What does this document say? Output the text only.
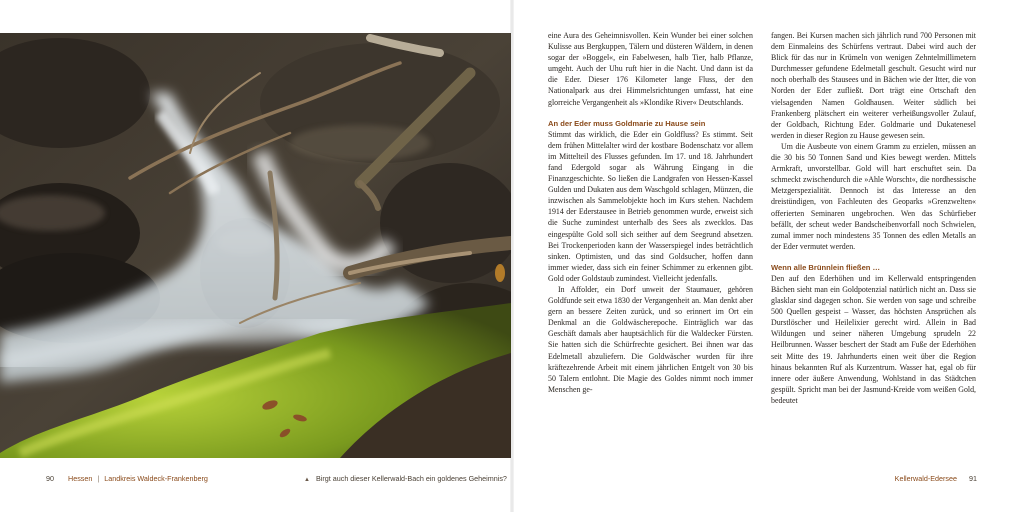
eine Aura des Geheimnisvollen. Kein Wunder bei einer solchen Kulisse aus Bergkuppen, Tälern und düsteren Wäldern, in denen sogar der »Boggel«, ein Fabelwesen, halb Tier, halb Pflanze, umgeht. Auch der Uhu ruft hier in die Nacht. Und dann ist da die Eder. Dieser 176 Kilometer lange Fluss, der den Nationalpark aus drei Himmelsrichtungen umfasst, hat eine glorreiche Vergangenheit als »Klondike River« Deutschlands.

An der Eder muss Goldmarie zu Hause sein

Stimmt das wirklich, die Eder ein Goldfluss? Es stimmt. Seit dem frühen Mittelalter wird der kostbare Bodenschatz vor allem im Mittelteil des Flusses gefunden. Im 17. und 18. Jahrhundert fand Edergold sogar als Währung Eingang in die Finanzgeschichte. So ließen die Landgrafen von Hessen-Kassel Gulden und Dukaten aus dem Waschgold schlagen, Münzen, die inzwischen als Sammelobjekte hoch im Kurs stehen. Nachdem 1914 der Ederstausee in Betrieb genommen wurde, erweist sich die Suche zumindest unterhalb des Sees als zwecklos. Das eingespülte Gold soll sich seither auf dem Seegrund absetzen. Bei Trockenperioden kann der Wasserspiegel indes beträchtlich sinken. Optimisten, und das sind Goldsucher, hoffen dann immer wieder, dass sich ein feiner Schimmer zu erkennen gibt. Gold oder Goldstaub zumindest. Vielleicht jedenfalls.

In Affolder, ein Dorf unweit der Staumauer, gehören Goldfunde seit etwa 1830 der Vergangenheit an. Man denkt aber gern an bessere Zeiten zurück, und so erinnert im Ort ein Denkmal an die Goldwäscherepoche. Einträglich war das Geschäft damals aber hauptsächlich für die Waldecker Fürsten. Sie hatten sich die Schürfrechte gesichert. Bei ihnen war das Edelmetall abzuliefern. Die Goldwäscher wurden für ihre kräftezehrende Arbeit mit einem jährlichen Entgelt von 30 bis 50 Talern entlohnt. Die Magie des Goldes nimmt noch immer Menschen ge-

fangen. Bei Kursen machen sich jährlich rund 700 Personen mit dem Einmaleins des Schürfens vertraut. Dabei wird auch der Blick für das nur in Krümeln von wenigen Zehntelmillimetern Durchmesser gefundene Edelmetall geschult. Gesucht wird nur noch oberhalb des Stausees und in Bächen wie der Itter, die von Norden der Eder zufließt. Dort trägt eine Ortschaft den vielsagenden Namen Goldhausen. Weiter südlich bei Frankenberg plätschert ein weiterer verheißungsvoller Zulauf, der Goldbach, Richtung Eder. Goldmarie und Dukatenesel werden in dieser Region zu Hause gewesen sein.

Um die Ausbeute von einem Gramm zu erzielen, müssen an die 30 bis 50 Tonnen Sand und Kies bewegt werden. Mittels Armkraft, unvorstellbar. Gold will hart erschuftet sein. Da schmeckt zwischendurch die »Ahle Worscht«, die nordhessische Metzgerspezialität. Dennoch ist das Interesse an den dreistündigen, von Fachleuten des Geoparks »Grenzwelten« offerierten Seminaren ungebrochen. Wen das Schürfieber befällt, der scheut weder Bandscheibenvorfall noch Schwielen, zumal immer noch mindestens 35 Tonnen des edlen Metalls an der Eder vermutet werden.

Wenn alle Brünnlein fließen …

Den auf den Ederhöhen und im Kellerwald entspringenden Bächen sieht man ein Goldpotenzial natürlich nicht an. Dass sie glasklar sind dagegen schon. Sie werden von sage und schreibe 500 Quellen gespeist – Wasser, das höchsten Ansprüchen als Durstlöscher und Heilelixier gerecht wird. Allein in Bad Wildungen und seiner näheren Umgebung sprudeln 22 Heilbrunnen. Wasser beschert der Stadt am Fuße der Ederhöhen seit Mitte des 19. Jahrhunderts einen weit über die Region hinaus bekannten Ruf als Kurzentrum. Wasser hat, egal ob für innere oder äußere Anwendung, Wohlstand in das Städtchen gespült. Spricht man bei der Jasmund-Kreide vom weißen Gold, bedeutet

90 Hessen | Landkreis Waldeck-Frankenberg	▲ Birgt auch dieser Kellerwald-Bach ein goldenes Geheimnis?	Kellerwald-Edersee 91
